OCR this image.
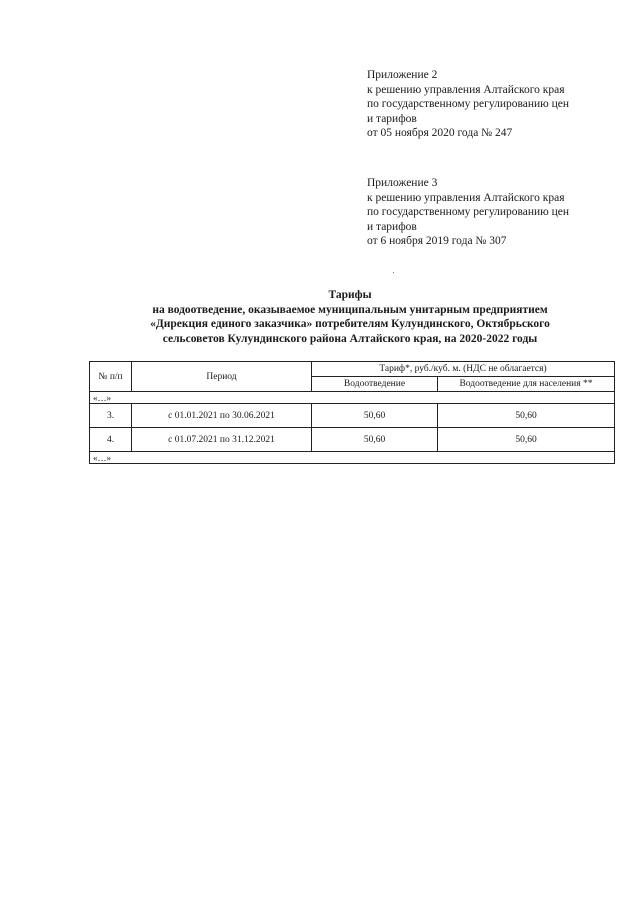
Приложение 2
к решению управления Алтайского края
по государственному регулированию цен
и тарифов
от 05 ноября 2020 года № 247
Приложение 3
к решению управления Алтайского края
по государственному регулированию цен
и тарифов
от 6 ноября 2019 года № 307
Тарифы
на водоотведение, оказываемое муниципальным унитарным предприятием
«Дирекция единого заказчика» потребителям Кулундинского, Октябрьского
сельсоветов Кулундинского района Алтайского края, на 2020-2022 годы
№ п/п	Период	Тариф*, руб./куб. м. (НДС не облагается)	
		Водоотведение	Водоотведение для населения **
«…»			
3.	с 01.01.2021 по 30.06.2021	50,60	50,60
4.	с 01.07.2021 по 31.12.2021	50,60	50,60
«…»			
